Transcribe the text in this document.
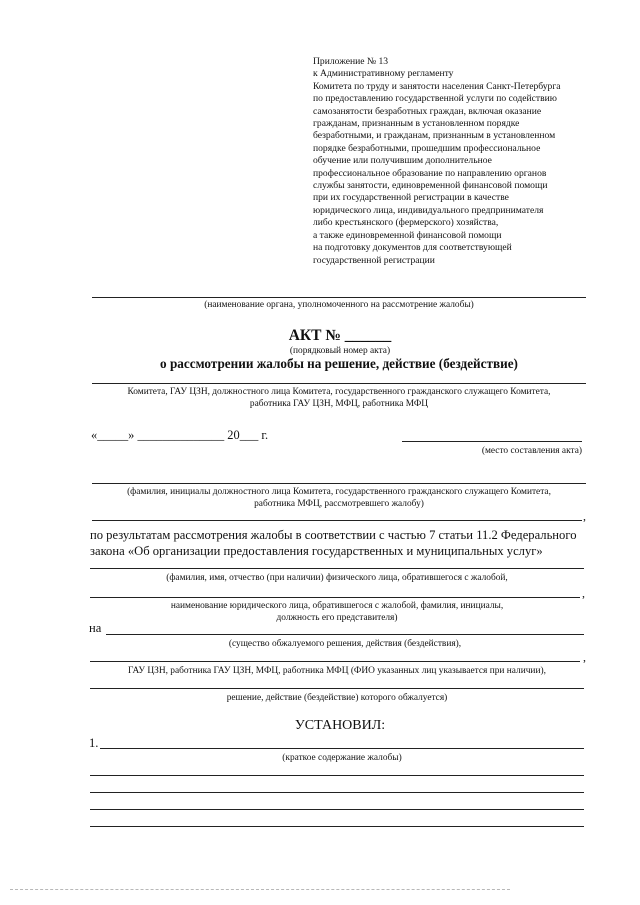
Приложение № 13
к Административному регламенту
Комитета по труду и занятости населения Санкт-Петербурга
по предоставлению государственной услуги по содействию
самозанятости безработных граждан, включая оказание
гражданам, признанным в установленном порядке
безработными, и гражданам, признанным в установленном
порядке безработными, прошедшим профессиональное
обучение или получившим дополнительное
профессиональное образование по направлению органов
службы занятости, единовременной финансовой помощи
при их государственной регистрации в качестве
юридического лица, индивидуального предпринимателя
либо крестьянского (фермерского) хозяйства,
а также единовременной финансовой помощи
на подготовку документов для соответствующей
государственной регистрации
(наименование органа, уполномоченного на рассмотрение жалобы)
АКТ № ______
(порядковый номер акта)
о рассмотрении жалобы на решение, действие (бездействие)
Комитета, ГАУ ЦЗН, должностного лица Комитета, государственного гражданского служащего Комитета,
работника ГАУ ЦЗН, МФЦ, работника МФЦ
«_____» ______________ 20___ г.
(место составления акта)
(фамилия, инициалы должностного лица Комитета, государственного гражданского служащего Комитета,
работника МФЦ, рассмотревшего жалобу)
,
по результатам рассмотрения жалобы в соответствии с частью 7 статьи 11.2 Федерального
закона «Об организации предоставления государственных и муниципальных услуг»
(фамилия, имя, отчество (при наличии) физического лица, обратившегося с жалобой,
,
наименование юридического лица, обратившегося с жалобой, фамилия, инициалы,
должность его представителя)
на
(существо обжалуемого решения, действия (бездействия),
,
ГАУ ЦЗН, работника ГАУ ЦЗН, МФЦ, работника МФЦ (ФИО указанных лиц указывается при наличии),
решение, действие (бездействие) которого обжалуется)
УСТАНОВИЛ:
1.
(краткое содержание жалобы)
